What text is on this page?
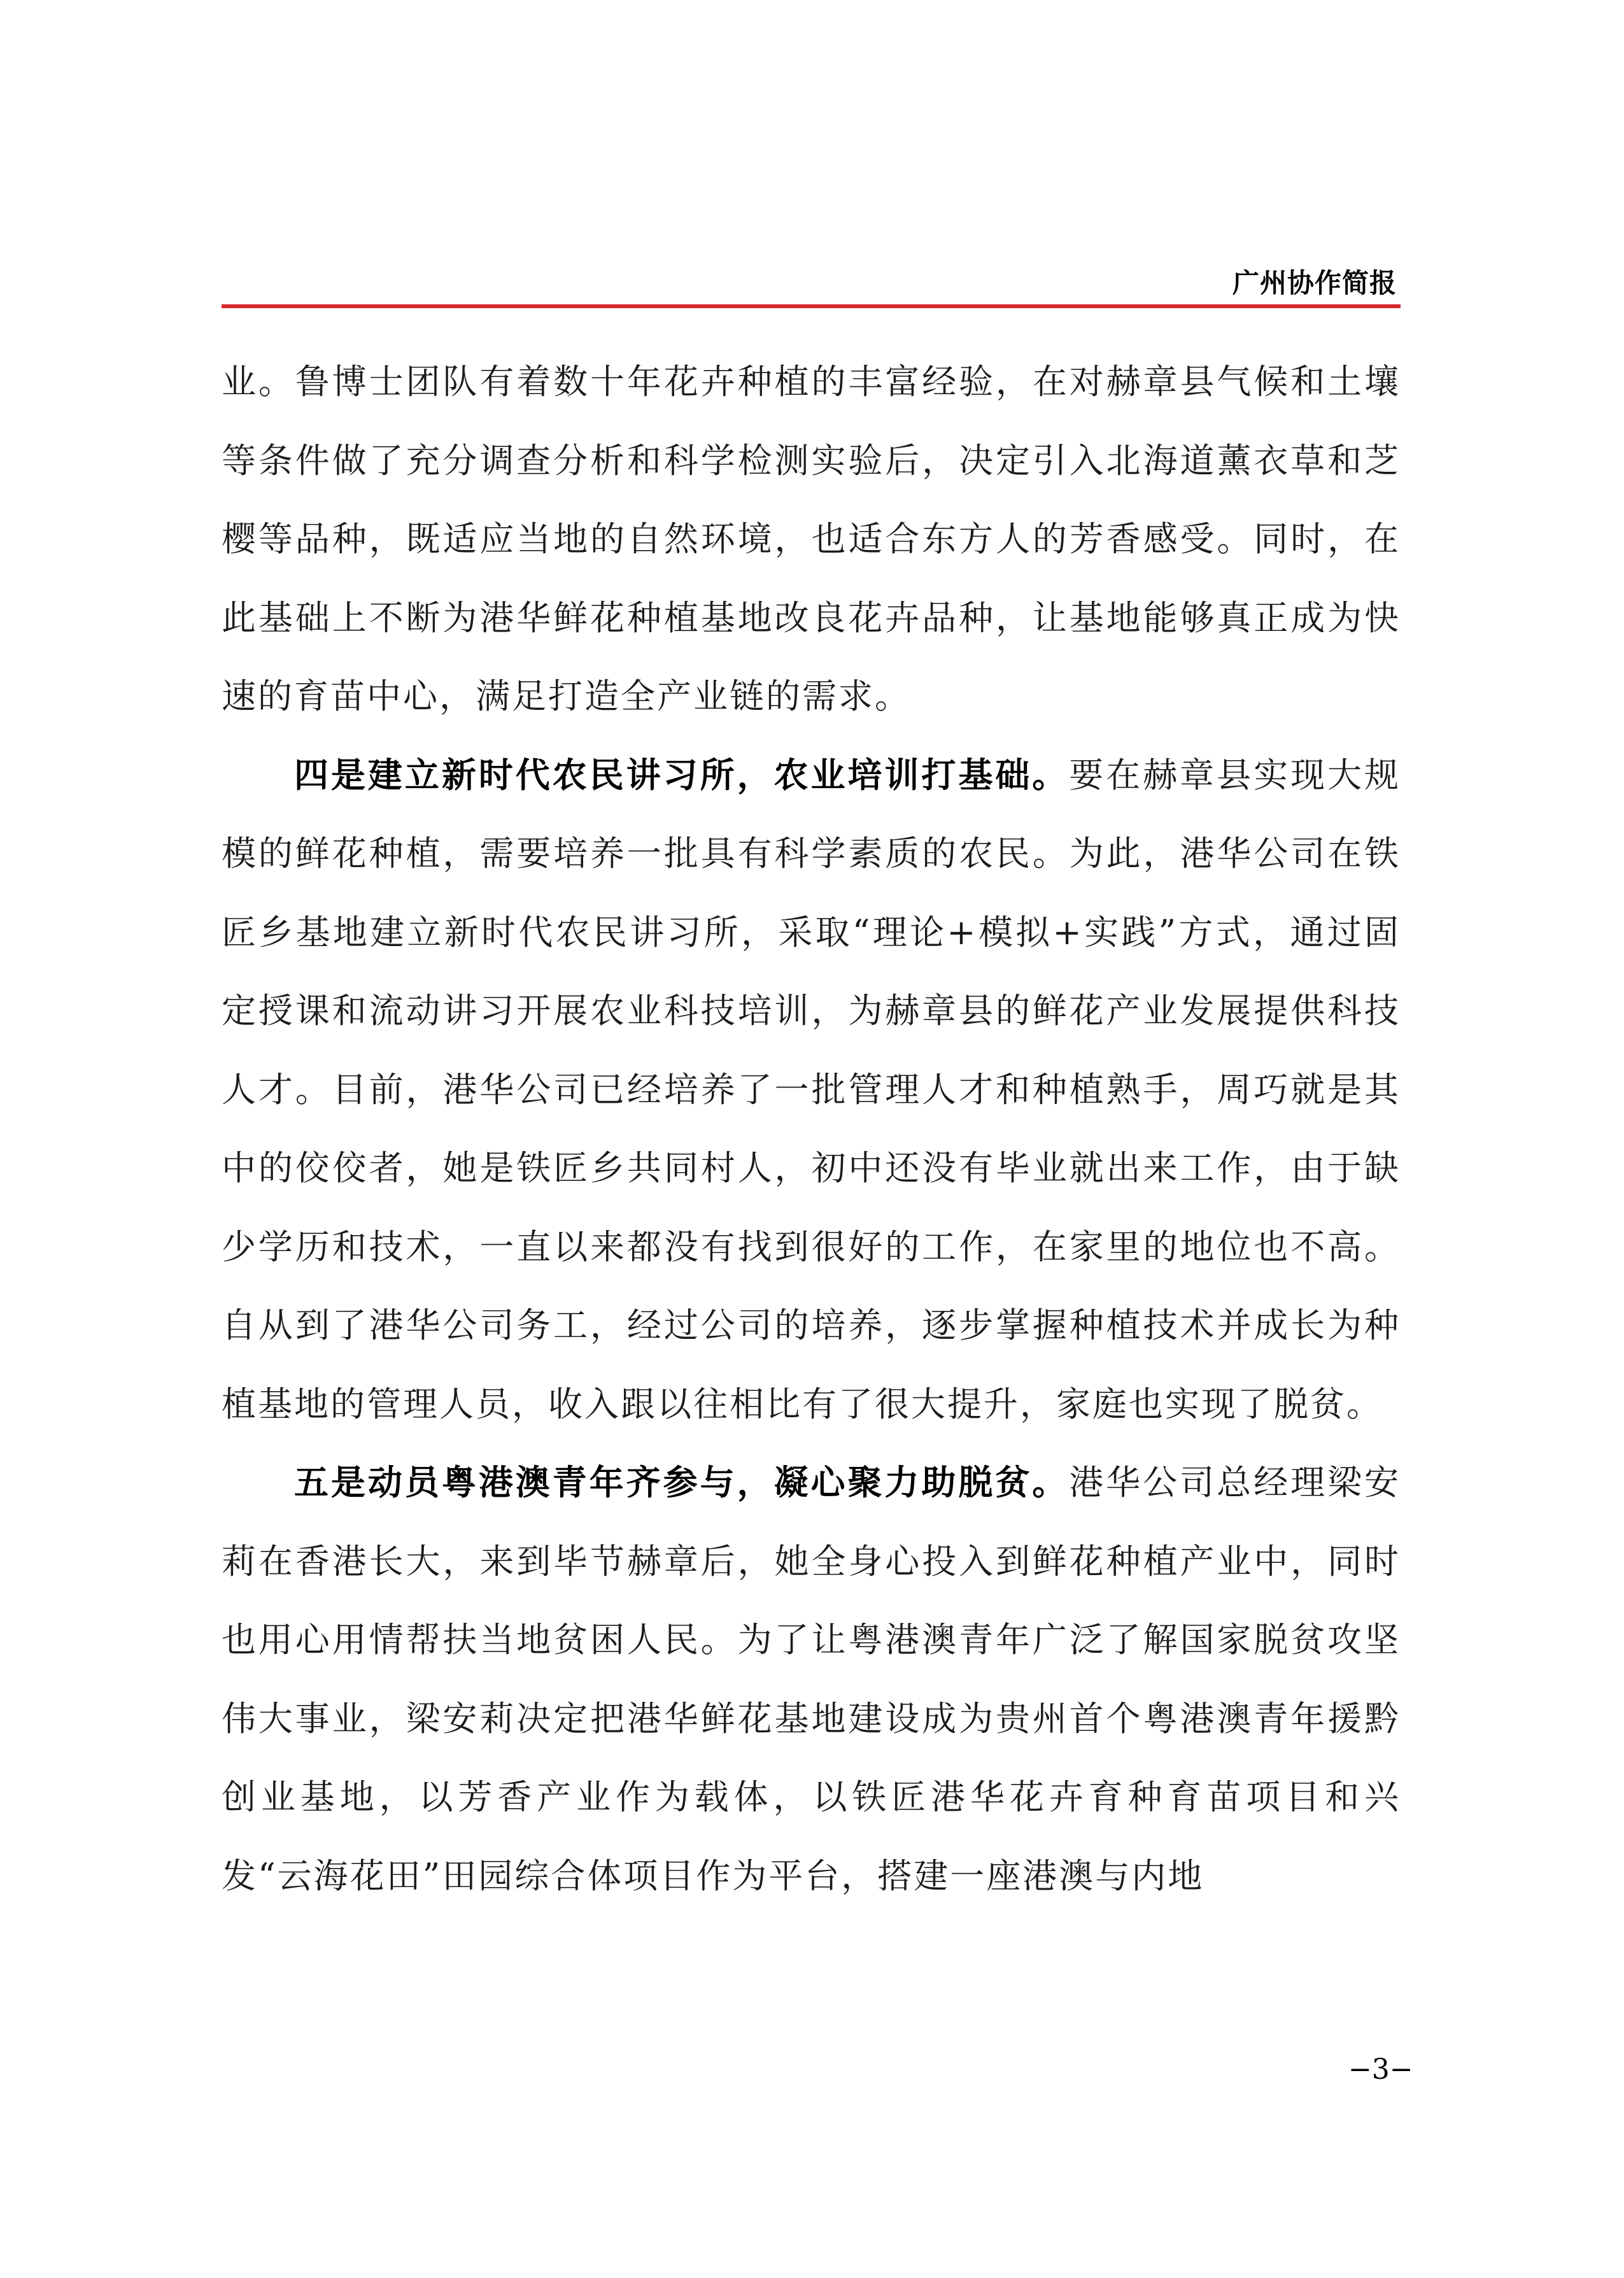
广州协作简报

业。鲁博士团队有着数十年花卉种植的丰富经验，在对赫章县气候和土壤等条件做了充分调查分析和科学检测实验后，决定引入北海道薰衣草和芝樱等品种，既适应当地的自然环境，也适合东方人的芳香感受。同时，在此基础上不断为港华鲜花种植基地改良花卉品种，让基地能够真正成为快速的育苗中心，满足打造全产业链的需求。

四是建立新时代农民讲习所，农业培训打基础。要在赫章县实现大规模的鲜花种植，需要培养一批具有科学素质的农民。为此，港华公司在铁匠乡基地建立新时代农民讲习所，采取“理论+模拟+实践”方式，通过固定授课和流动讲习开展农业科技培训，为赫章县的鲜花产业发展提供科技人才。目前，港华公司已经培养了一批管理人才和种植熟手，周巧就是其中的佼佼者，她是铁匠乡共同村人，初中还没有毕业就出来工作，由于缺少学历和技术，一直以来都没有找到很好的工作，在家里的地位也不高。自从到了港华公司务工，经过公司的培养，逐步掌握种植技术并成长为种植基地的管理人员，收入跟以往相比有了很大提升，家庭也实现了脱贫。

五是动员粤港澳青年齐参与，凝心聚力助脱贫。港华公司总经理梁安莉在香港长大，来到毕节赫章后，她全身心投入到鲜花种植产业中，同时也用心用情帮扶当地贫困人民。为了让粤港澳青年广泛了解国家脱贫攻坚伟大事业，梁安莉决定把港华鲜花基地建设成为贵州首个粤港澳青年援黔创业基地，以芳香产业作为载体，以铁匠港华花卉育种育苗项目和兴发“云海花田”田园综合体项目作为平台，搭建一座港澳与内地

−3−
